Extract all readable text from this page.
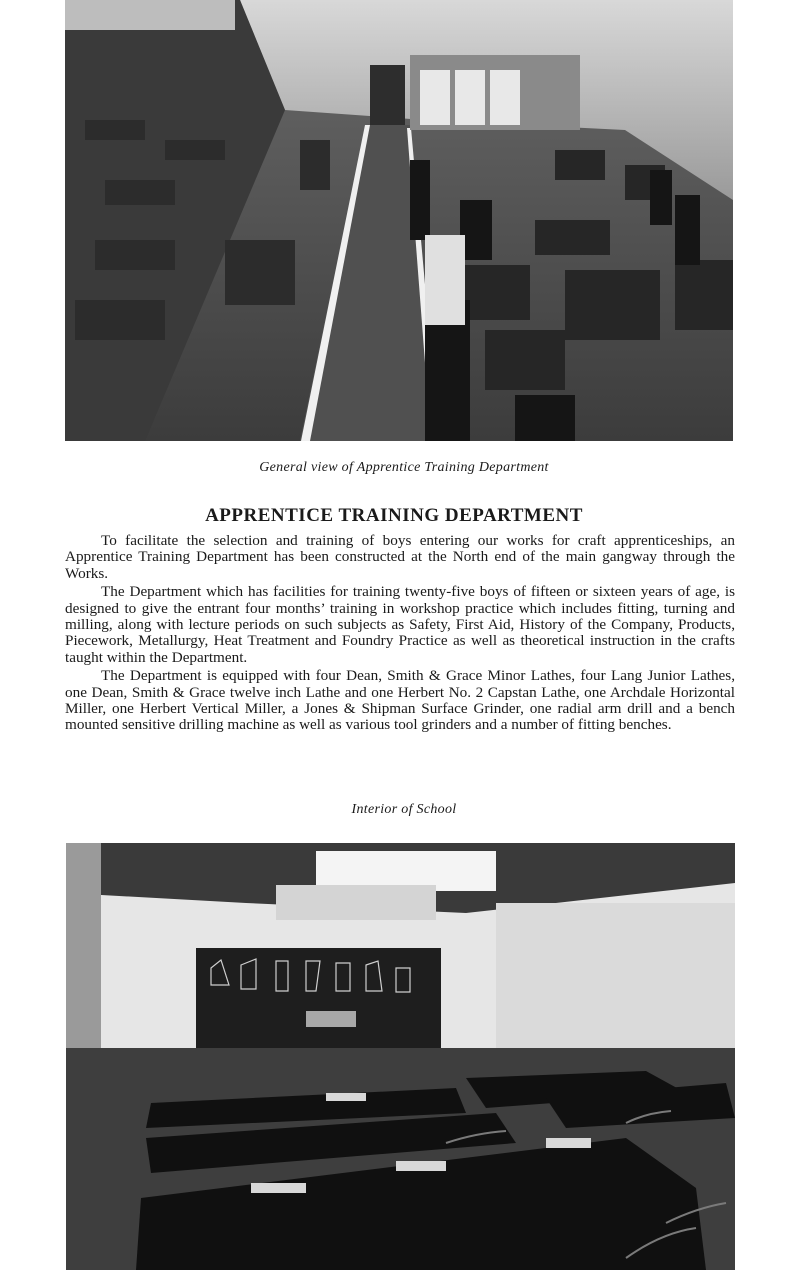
General view of Apprentice Training Department
APPRENTICE TRAINING DEPARTMENT

To facilitate the selection and training of boys entering our works for craft apprenticeships, an Apprentice Training Department has been constructed at the North end of the main gangway through the Works.

The Department which has facilities for training twenty-five boys of fifteen or sixteen years of age, is designed to give the entrant four months’ training in workshop practice which includes fitting, turning and milling, along with lecture periods on such subjects as Safety, First Aid, History of the Company, Products, Piecework, Metallurgy, Heat Treatment and Foundry Practice as well as theoretical instruction in the crafts taught within the Department.

The Department is equipped with four Dean, Smith & Grace Minor Lathes, four Lang Junior Lathes, one Dean, Smith & Grace twelve inch Lathe and one Herbert No. 2 Capstan Lathe, one Archdale Horizontal Miller, one Herbert Vertical Miller, a Jones & Shipman Surface Grinder, one radial arm drill and a bench mounted sensitive drilling machine as well as various tool grinders and a number of fitting benches.

Interior of School
